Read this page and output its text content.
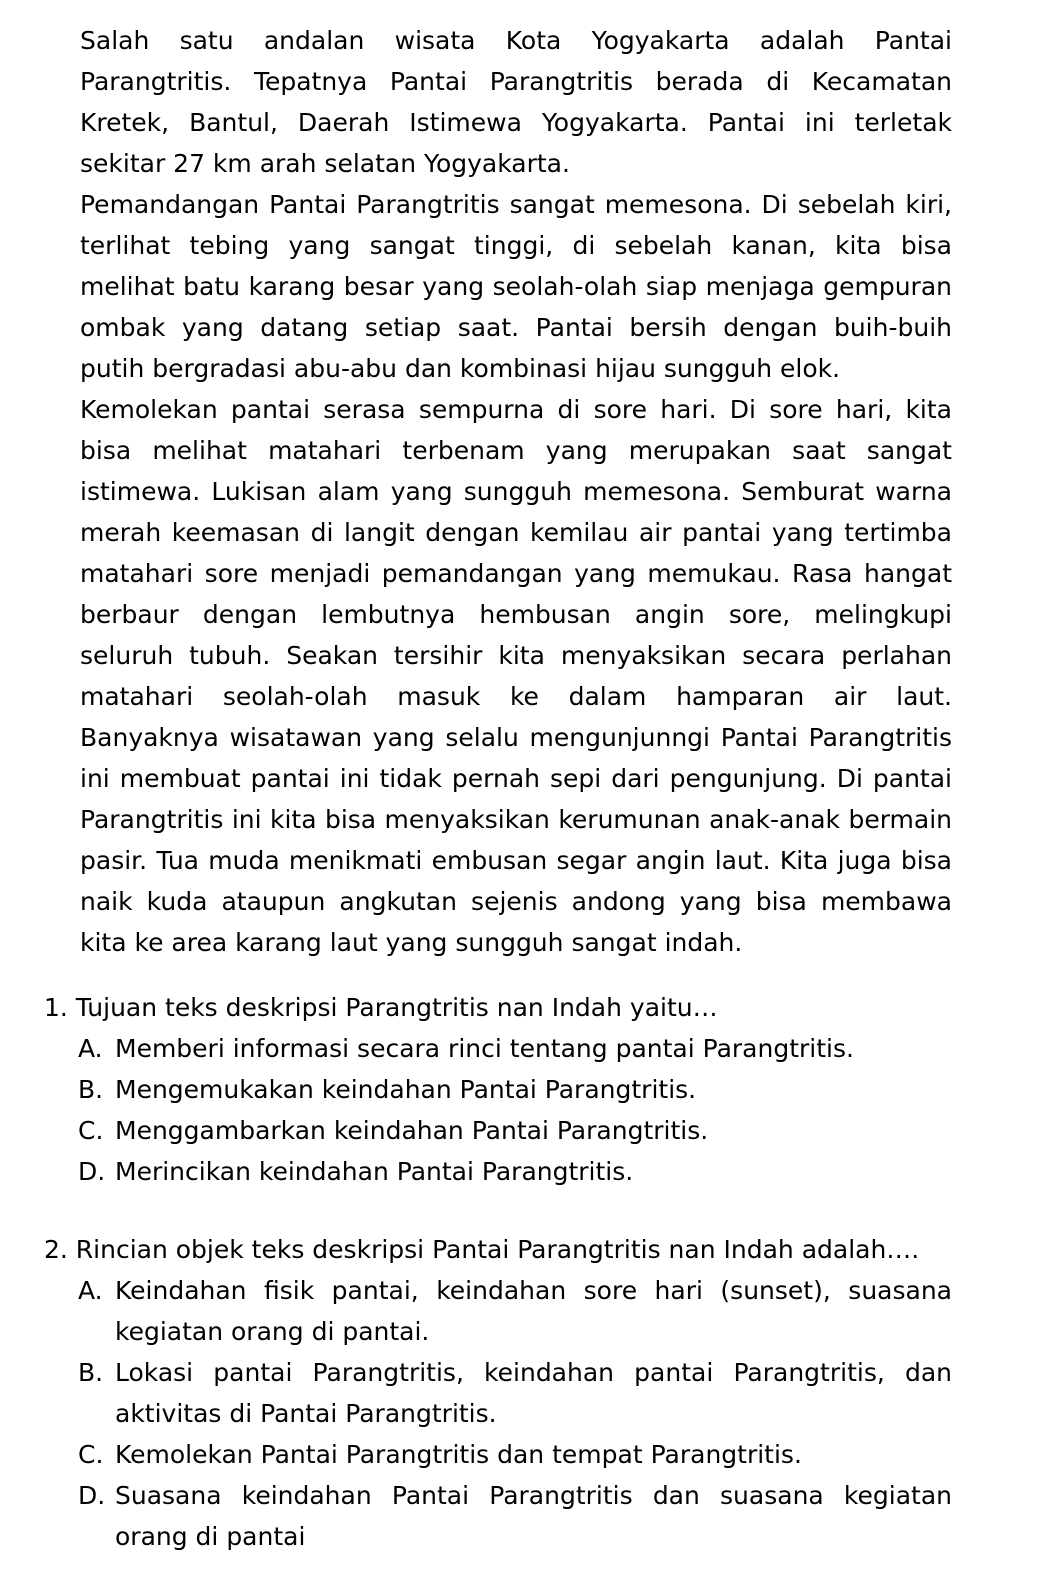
Salah satu andalan wisata Kota Yogyakarta adalah Pantai Parangtritis. Tepatnya Pantai Parangtritis berada di Kecamatan Kretek, Bantul, Daerah Istimewa Yogyakarta. Pantai ini terletak sekitar 27 km arah selatan Yogyakarta.

Pemandangan Pantai Parangtritis sangat memesona. Di sebelah kiri, terlihat tebing yang sangat tinggi, di sebelah kanan, kita bisa melihat batu karang besar yang seolah-olah siap menjaga gempuran ombak yang datang setiap saat. Pantai bersih dengan buih-buih putih bergradasi abu-abu dan kombinasi hijau sungguh elok.

Kemolekan pantai serasa sempurna di sore hari. Di sore hari, kita bisa melihat matahari terbenam yang merupakan saat sangat istimewa. Lukisan alam yang sungguh memesona. Semburat warna merah keemasan di langit dengan kemilau air pantai yang tertimba matahari sore menjadi pemandangan yang memukau. Rasa hangat berbaur dengan lembutnya hembusan angin sore, melingkupi seluruh tubuh. Seakan tersihir kita menyaksikan secara perlahan matahari seolah-olah masuk ke dalam hamparan air laut.

Banyaknya wisatawan yang selalu mengunjunngi Pantai Parangtritis ini membuat pantai ini tidak pernah sepi dari pengunjung. Di pantai Parangtritis ini kita bisa menyaksikan kerumunan anak-anak bermain pasir. Tua muda menikmati embusan segar angin laut. Kita juga bisa naik kuda ataupun angkutan sejenis andong yang bisa membawa kita ke area karang laut yang sungguh sangat indah.

1. Tujuan teks deskripsi Parangtritis nan Indah yaitu…

A. Memberi informasi secara rinci tentang pantai Parangtritis.
B. Mengemukakan keindahan Pantai Parangtritis.
C. Menggambarkan keindahan Pantai Parangtritis.
D. Merincikan keindahan Pantai Parangtritis.

2. Rincian objek teks deskripsi Pantai Parangtritis nan Indah adalah….

A. Keindahan fisik pantai, keindahan sore hari (sunset), suasana kegiatan orang di pantai.
B. Lokasi pantai Parangtritis, keindahan pantai Parangtritis, dan aktivitas di Pantai Parangtritis.
C. Kemolekan Pantai Parangtritis dan tempat Parangtritis.
D. Suasana keindahan Pantai Parangtritis dan suasana kegiatan orang di pantai
